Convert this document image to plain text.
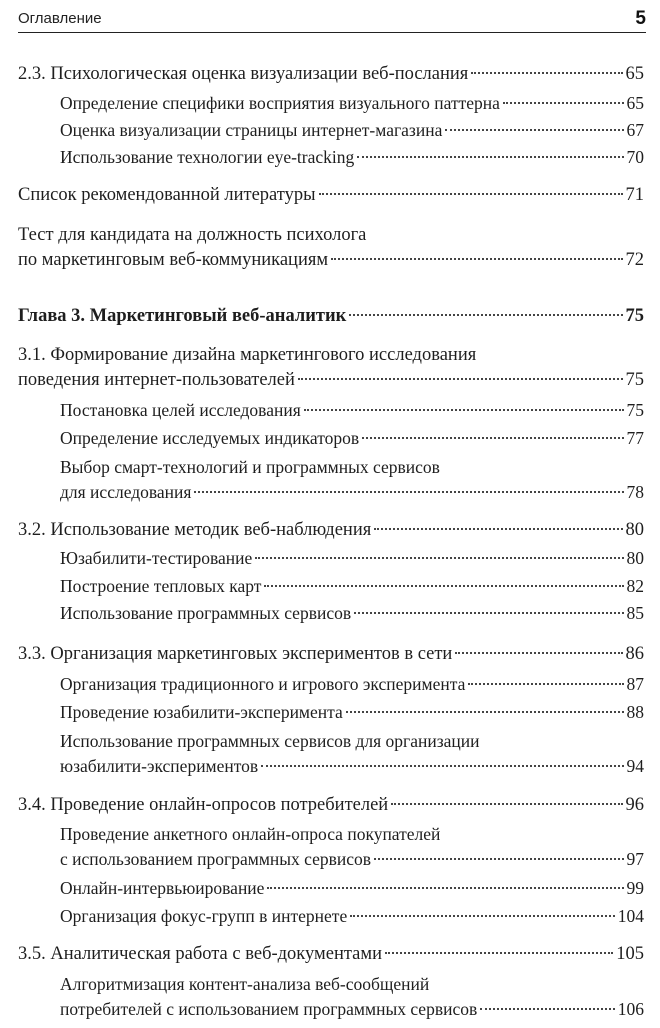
Оглавление	5
2.3. Психологическая оценка визуализации веб-послания	65
Определение специфики восприятия визуального паттерна	65
Оценка визуализации страницы интернет-магазина	67
Использование технологии eye-tracking	70
Список рекомендованной литературы	71
Тест для кандидата на должность психолога
по маркетинговым веб-коммуникациям	72
Глава 3. Маркетинговый веб-аналитик	75
3.1. Формирование дизайна маркетингового исследования
поведения интернет-пользователей	75
Постановка целей исследования	75
Определение исследуемых индикаторов	77
Выбор смарт-технологий и программных сервисов
для исследования	78
3.2. Использование методик веб-наблюдения	80
Юзабилити-тестирование	80
Построение тепловых карт	82
Использование программных сервисов	85
3.3. Организация маркетинговых экспериментов в сети	86
Организация традиционного и игрового эксперимента	87
Проведение юзабилити-эксперимента	88
Использование программных сервисов для организации
юзабилити-экспериментов	94
3.4. Проведение онлайн-опросов потребителей	96
Проведение анкетного онлайн-опроса покупателей
с использованием программных сервисов	97
Онлайн-интервьюирование	99
Организация фокус-групп в интернете	104
3.5. Аналитическая работа с веб-документами	105
Алгоритмизация контент-анализа веб-сообщений
потребителей с использованием программных сервисов	106
